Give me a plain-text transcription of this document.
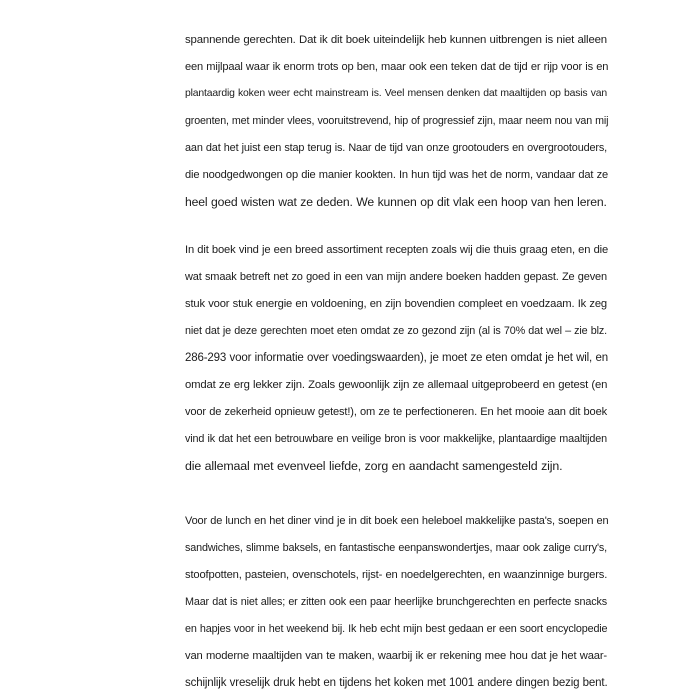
spannende gerechten. Dat ik dit boek uiteindelijk heb kunnen uitbrengen is niet alleen
een mijlpaal waar ik enorm trots op ben, maar ook een teken dat de tijd er rijp voor is en
plantaardig koken weer echt mainstream is. Veel mensen denken dat maaltijden op basis van
groenten, met minder vlees, vooruitstrevend, hip of progressief zijn, maar neem nou van mij
aan dat het juist een stap terug is. Naar de tijd van onze grootouders en overgrootouders,
die noodgedwongen op die manier kookten. In hun tijd was het de norm, vandaar dat ze
heel goed wisten wat ze deden. We kunnen op dit vlak een hoop van hen leren.
In dit boek vind je een breed assortiment recepten zoals wij die thuis graag eten, en die
wat smaak betreft net zo goed in een van mijn andere boeken hadden gepast. Ze geven
stuk voor stuk energie en voldoening, en zijn bovendien compleet en voedzaam. Ik zeg
niet dat je deze gerechten moet eten omdat ze zo gezond zijn (al is 70% dat wel – zie blz.
286-293 voor informatie over voedingswaarden), je moet ze eten omdat je het wil, en
omdat ze erg lekker zijn. Zoals gewoonlijk zijn ze allemaal uitgeprobeerd en getest (en
voor de zekerheid opnieuw getest!), om ze te perfectioneren. En het mooie aan dit boek
vind ik dat het een betrouwbare en veilige bron is voor makkelijke, plantaardige maaltijden
die allemaal met evenveel liefde, zorg en aandacht samengesteld zijn.
Voor de lunch en het diner vind je in dit boek een heleboel makkelijke pasta's, soepen en
sandwiches, slimme baksels, en fantastische eenpanswondertjes, maar ook zalige curry's,
stoofpotten, pasteien, ovenschotels, rijst- en noedelgerechten, en waanzinnige burgers.
Maar dat is niet alles; er zitten ook een paar heerlijke brunchgerechten en perfecte snacks
en hapjes voor in het weekend bij. Ik heb echt mijn best gedaan er een soort encyclopedie
van moderne maaltijden van te maken, waarbij ik er rekening mee hou dat je het waar-
schijnlijk vreselijk druk hebt en tijdens het koken met 1001 andere dingen bezig bent.
